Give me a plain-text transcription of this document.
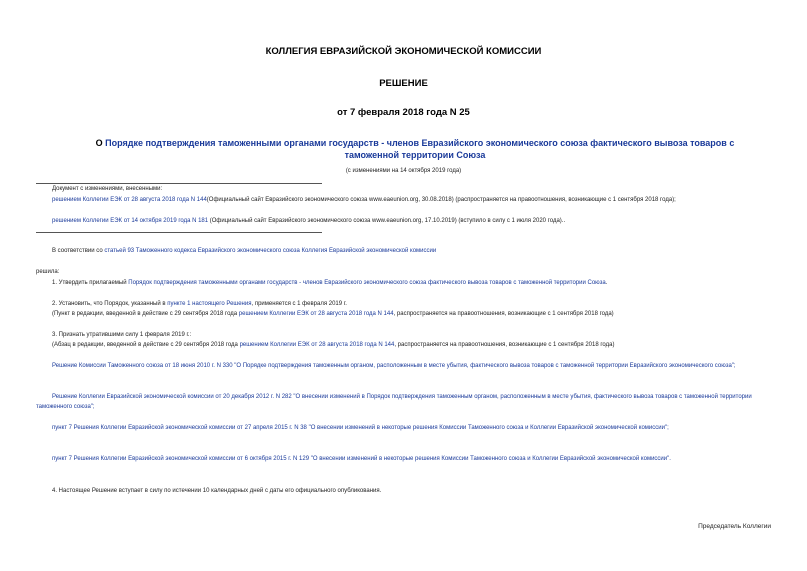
КОЛЛЕГИЯ ЕВРАЗИЙСКОЙ ЭКОНОМИЧЕСКОЙ КОМИССИИ
РЕШЕНИЕ
от 7 февраля 2018 года N 25
О Порядке подтверждения таможенными органами государств - членов Евразийского экономического союза фактического вывоза товаров с таможенной территории Союза
(с изменениями на 14 октября 2019 года)
Документ с изменениями, внесенными:
решением Коллегии ЕЭК от 28 августа 2018 года N 144(Официальный сайт Евразийского экономического союза www.eaeunion.org, 30.08.2018) (распространяется на правоотношения, возникающие с 1 сентября 2018 года);
решением Коллегии ЕЭК от 14 октября 2019 года N 181 (Официальный сайт Евразийского экономического союза www.eaeunion.org, 17.10.2019) (вступило в силу с 1 июля 2020 года)..
В соответствии со статьей 93 Таможенного кодекса Евразийского экономического союза Коллегия Евразийской экономической комиссии
решила:
1. Утвердить прилагаемый Порядок подтверждения таможенными органами государств - членов Евразийского экономического союза фактического вывоза товаров с таможенной территории Союза.
2. Установить, что Порядок, указанный в пункте 1 настоящего Решения, применяется с 1 февраля 2019 г.
(Пункт в редакции, введенной в действие с 29 сентября 2018 года решением Коллегии ЕЭК от 28 августа 2018 года N 144, распространяется на правоотношения, возникающие с 1 сентября 2018 года)
3. Признать утратившими силу 1 февраля 2019 г.:
(Абзац в редакции, введенной в действие с 29 сентября 2018 года решением Коллегии ЕЭК от 28 августа 2018 года N 144, распространяется на правоотношения, возникающие с 1 сентября 2018 года)
Решение Комиссии Таможенного союза от 18 июня 2010 г. N 330 "О Порядке подтверждения таможенным органом, расположенным в месте убытия, фактического вывоза товаров с таможенной территории Евразийского экономического союза";
Решение Коллегии Евразийской экономической комиссии от 20 декабря 2012 г. N 282 "О внесении изменений в Порядок подтверждения таможенным органом, расположенным в месте убытия, фактического вывоза товаров с таможенной территории таможенного союза";
пункт 7 Решения Коллегии Евразийской экономической комиссии от 27 апреля 2015 г. N 38 "О внесении изменений в некоторые решения Комиссии Таможенного союза и Коллегии Евразийской экономической комиссии";
пункт 7 Решения Коллегии Евразийской экономической комиссии от 6 октября 2015 г. N 129 "О внесении изменений в некоторые решения Комиссии Таможенного союза и Коллегии Евразийской экономической комиссии".
4. Настоящее Решение вступает в силу по истечении 10 календарных дней с даты его официального опубликования.
Председатель Коллегии
